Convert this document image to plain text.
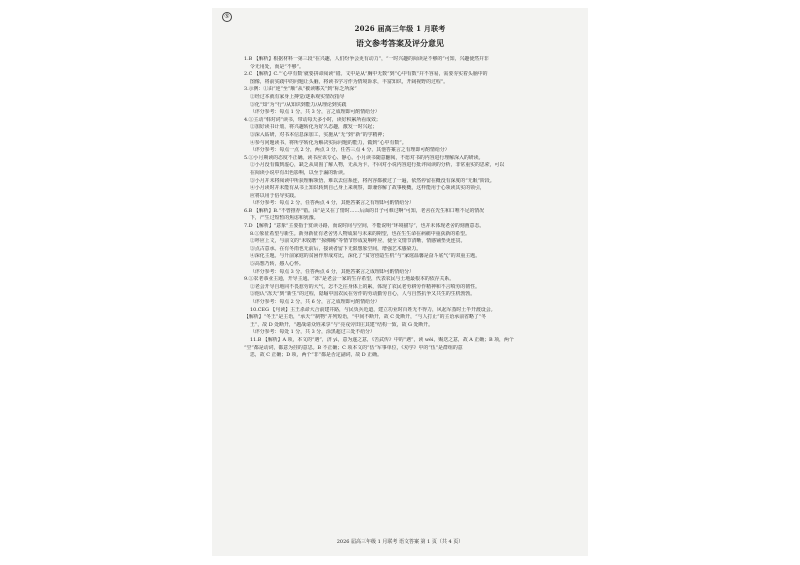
⑤
2026 届高三年级 1 月联考
语文参考答案及评分意见
1.B 【解析】根据材料一第三段“在兴趣，人们纷争会更有动力”，“一时兴趣的阅读是不够的”可知，兴趣使然并非
令无用处，而是“不够”。
2.C 【解析】C.“‘心中有数’就要拼命阅读”错。文中是从“胸中无数”到“心中有数”并不容易，需要夯实着头脑中的
图像，将前实践中的问题让头脑，将读书学习作为情境诉求，丰富知识，开阔视野的过程”。
3.示例：①由“逆”至“顺”从“被读哪关”到“标乏所深”
②经过本就有家身上搏觉/逐系观实情况指导
③化“知”为“行”/从知识到能力/从理论到实践
（评分参考：每点 1 分，共 3 分，言之成理即可酌情给分）
4.①主动“韩对词”读书，带动每天多小时，读好积累所看成效；
②加好读书计划，将兴趣转化为好久态趣，激发一时兴起；
③深入钻研，对书本信息深加工，实施从“无”到“新”的学精神；
④参与问题读书，将所学转化为解决实际问题的能力，做到“心中有数”。
（评分参考：每点一点 2 分，两点 3 分，任答三点 4 分，其他答案言之有理即可酌情给分）
5.①小月期读的态度不正确。读书应该专心、静心。小月读书随意翻阅，不愿对书的内容进行理解深入的研读。
②小月没有做到虚心，缺乏从周围了解人物，无从为卡，不回对小说内容进行批评阅读的分析，非常重实的思索，可以
在阅读小说中有出色影响，以至于漏的斩读。
③小月并未将阅读中所获理解领悟，难以去信系连，将内容都被过了一遍，依然停留在概没有深度的“无眠”阶段。
④小月读时并未能有从书上知识转到自己身上来观察，即兼你解了故事梗概，这样能用于心领读其实的领引，
应将以用于俗导实践。
（评分参考：每点 2 分，任答两点 4 分，其他答案言之有理即可酌情给分）
6.B 【解析】B.“不曾推荐”错。由“是又在了情时……后面的日子可难过啊”可知，老舍在先生和口唯不足的情况
下，产生过短暂的焦虑和犹豫。
7.D 【解析】“意象”主要指于赏读寻路，而说时间与空间，不能说明“环境描写”，也并未体现老舍的刻画意态。
8.①象征希望与新生。新身新征有老舍男人物成果与未来的期望，也在生生命在病痛中重获新的希望。
②呼应上文，与前文的“未收磨”“掠佛稀”等情节形成复响呼应，使全文情节清晰，情感铺垫更连贯。
③点古意承。在有冬雨也无前后，接读者留下无限想象空间，增强艺术感染力。
④深化主题。与升前家庭的贫困作形成对比，深化了“贫穷创造生机”与“家庭温馨是奋斗底气”的双重主题。
⑤高想乃转，感人心怀。
（评分参考：每点 3 分，任答两点 6 分，其他答案言之成理即可酌情给分）
9.①农老恭业主通，开导主通。“冻”是老会一家的生存希望，代表农民与土地最根本的依存关系。
②老会开导自地同不畏惹劳的大气，怎不乏往身体上的累，体现了农民老劳耕劳作精神和不言嗔劳的韧性。
③他认“冻天”到“新生”的过程，隐喻中国农民在劳作的劳动勤劳自心，人与自然抗争又共生的生机勃勃。
（评分参考：每点 2 分，共 6 分，言之成理即可酌情给分）
10.CEG 【句读】主王杀命大合前建井路，与民负兵近道，建立功业时百姓无不得力，风起军蒸时土半开渡设会。
【解析】“冬王”是主语，“承天”“制物”并列短语，“中间不断开，故 C 处断开，“与人打止”的主语承前省略了“冬
王”，故 D 处断开，“越战请众姓来享”与“亮戎旁田庄其建”结构一致，故 G 处断开。
（评分参考：每处 1 分，共 3 分，涂黑超过三处不给分）
11.B 【解析】A 项，本文的“遇”，济 yì，意为遂之意，《苦武传》中的“遇”，读 wèi，赐送之意，故 A 正确；B 项，两个
“空”都是动词，都意为挂的意思。B 不正确；C 项本文的“伍”军事单位，《劝学》中的“伍”是群组的意
思，故 C 正确；D 项，两个“非”都是否定副词，故 D 正确。
2026 届高三年级 1 月联考 语文答案 第 1 页（共 4 页）
